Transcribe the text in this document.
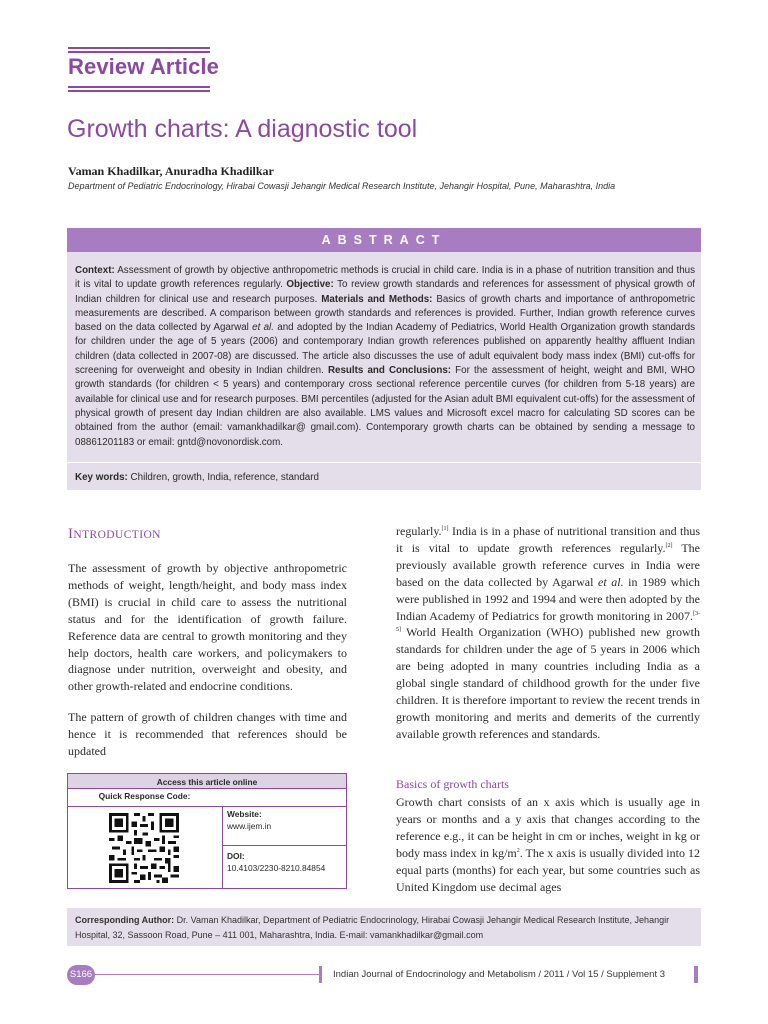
Review Article
Growth charts: A diagnostic tool
Vaman Khadilkar, Anuradha Khadilkar
Department of Pediatric Endocrinology, Hirabai Cowasji Jehangir Medical Research Institute, Jehangir Hospital, Pune, Maharashtra, India
ABSTRACT
Context: Assessment of growth by objective anthropometric methods is crucial in child care. India is in a phase of nutrition transition and thus it is vital to update growth references regularly. Objective: To review growth standards and references for assessment of physical growth of Indian children for clinical use and research purposes. Materials and Methods: Basics of growth charts and importance of anthropometric measurements are described. A comparison between growth standards and references is provided. Further, Indian growth reference curves based on the data collected by Agarwal et al. and adopted by the Indian Academy of Pediatrics, World Health Organization growth standards for children under the age of 5 years (2006) and contemporary Indian growth references published on apparently healthy affluent Indian children (data collected in 2007-08) are discussed. The article also discusses the use of adult equivalent body mass index (BMI) cut-offs for screening for overweight and obesity in Indian children. Results and Conclusions: For the assessment of height, weight and BMI, WHO growth standards (for children < 5 years) and contemporary cross sectional reference percentile curves (for children from 5-18 years) are available for clinical use and for research purposes. BMI percentiles (adjusted for the Asian adult BMI equivalent cut-offs) for the assessment of physical growth of present day Indian children are also available. LMS values and Microsoft excel macro for calculating SD scores can be obtained from the author (email: vamankhadilkar@ gmail.com). Contemporary growth charts can be obtained by sending a message to 08861201183 or email: gntd@novonordisk.com.
Key words: Children, growth, India, reference, standard
INTRODUCTION
The assessment of growth by objective anthropometric methods of weight, length/height, and body mass index (BMI) is crucial in child care to assess the nutritional status and for the identification of growth failure. Reference data are central to growth monitoring and they help doctors, health care workers, and policymakers to diagnose under nutrition, overweight and obesity, and other growth-related and endocrine conditions.
The pattern of growth of children changes with time and hence it is recommended that references should be updated
regularly.[1] India is in a phase of nutritional transition and thus it is vital to update growth references regularly.[2] The previously available growth reference curves in India were based on the data collected by Agarwal et al. in 1989 which were published in 1992 and 1994 and were then adopted by the Indian Academy of Pediatrics for growth monitoring in 2007.[3-5] World Health Organization (WHO) published new growth standards for children under the age of 5 years in 2006 which are being adopted in many countries including India as a global single standard of childhood growth for the under five children. It is therefore important to review the recent trends in growth monitoring and merits and demerits of the currently available growth references and standards.
Basics of growth charts
Growth chart consists of an x axis which is usually age in years or months and a y axis that changes according to the reference e.g., it can be height in cm or inches, weight in kg or body mass index in $kg/m^2$. The x axis is usually divided into 12 equal parts (months) for each year, but some countries such as United Kingdom use decimal ages
Access this article online
Quick Response Code:
Website:
www.ijem.in
DOI:
10.4103/2230-8210.84854
Corresponding Author: Dr. Vaman Khadilkar, Department of Pediatric Endocrinology, Hirabai Cowasji Jehangir Medical Research Institute, Jehangir Hospital, 32, Sassoon Road, Pune – 411 001, Maharashtra, India. E-mail: vamankhadilkar@gmail.com
S166	Indian Journal of Endocrinology and Metabolism / 2011 / Vol 15 / Supplement 3
